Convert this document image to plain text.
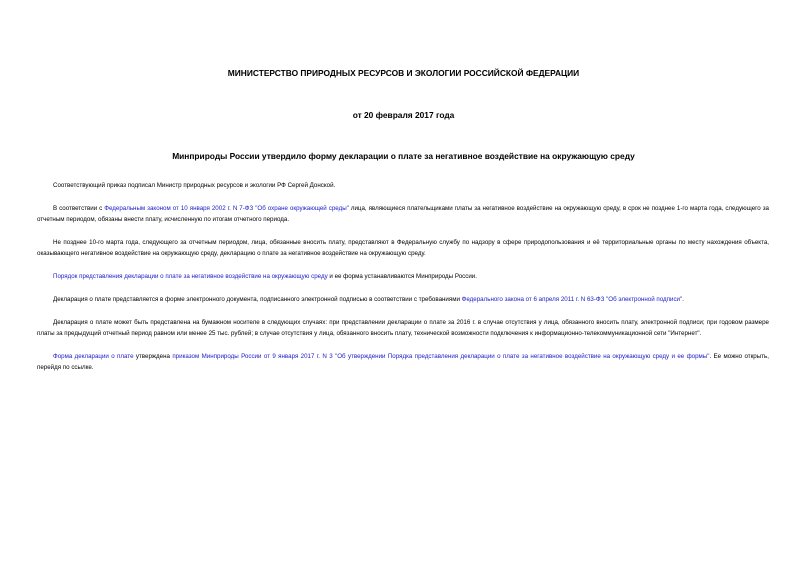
МИНИСТЕРСТВО ПРИРОДНЫХ РЕСУРСОВ И ЭКОЛОГИИ РОССИЙСКОЙ ФЕДЕРАЦИИ
от 20 февраля 2017 года
Минприроды России утвердило форму декларации о плате за негативное воздействие на окружающую среду

Соответствующий приказ подписал Министр природных ресурсов и экологии РФ Сергей Донской.

В соответствии с Федеральным законом от 10 января 2002 г. N 7-ФЗ "Об охране окружающей среды" лица, являющиеся плательщиками платы за негативное воздействие на окружающую среду, в срок не позднее 1-го марта года, следующего за отчетным периодом, обязаны внести плату, исчисленную по итогам отчетного периода.

Не позднее 10-го марта года, следующего за отчетным периодом, лица, обязанные вносить плату, представляют в Федеральную службу по надзору в сфере природопользования и её территориальные органы по месту нахождения объекта, оказывающего негативное воздействие на окружающую среду, декларацию о плате за негативное воздействие на окружающую среду.

Порядок представления декларации о плате за негативное воздействие на окружающую среду и ее форма устанавливаются Минприроды России.

Декларация о плате представляется в форме электронного документа, подписанного электронной подписью в соответствии с требованиями Федерального закона от 6 апреля 2011 г. N 63-ФЗ "Об электронной подписи".

Декларация о плате может быть представлена на бумажном носителе в следующих случаях: при представлении декларации о плате за 2016 г. в случае отсутствия у лица, обязанного вносить плату, электронной подписи; при годовом размере платы за предыдущий отчетный период равном или менее 25 тыс. рублей; в случае отсутствия у лица, обязанного вносить плату, технической возможности подключения к информационно-телекоммуникационной сети "Интернет".

Форма декларации о плате утверждена приказом Минприроды России от 9 января 2017 г. N 3 "Об утверждении Порядка представления декларации о плате за негативное воздействие на окружающую среду и ее формы". Ее можно открыть, перейдя по ссылке.
